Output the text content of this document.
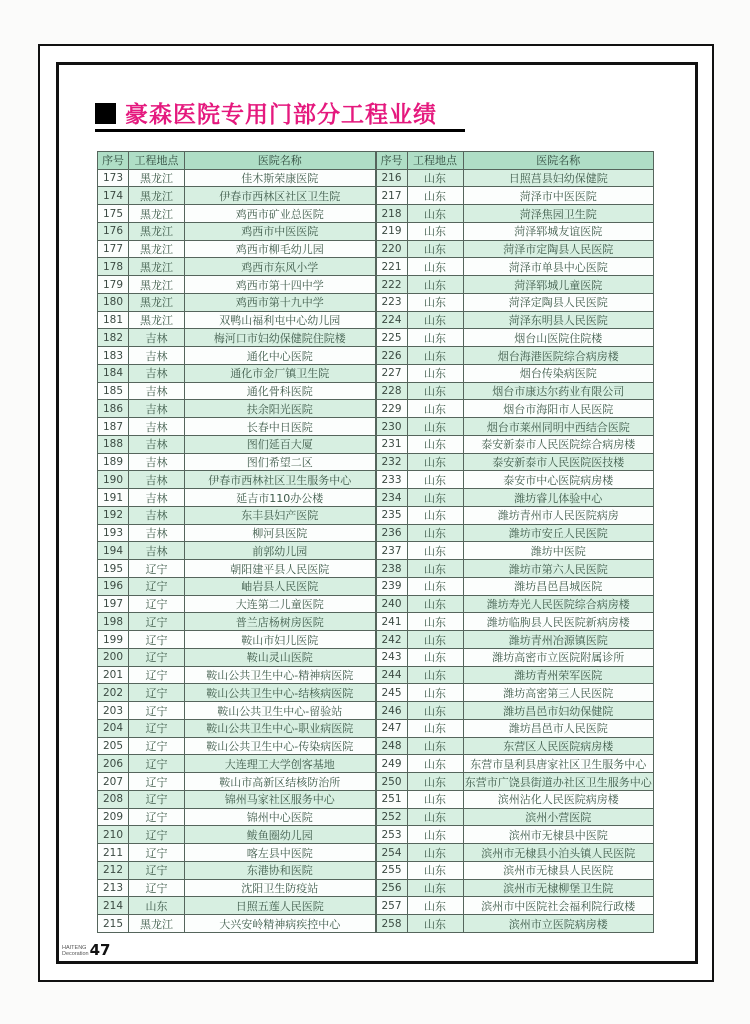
豪森医院专用门部分工程业绩
序号	工程地点	医院名称
173	黑龙江	佳木斯荣康医院
174	黑龙江	伊春市西林区社区卫生院
175	黑龙江	鸡西市矿业总医院
176	黑龙江	鸡西市中医医院
177	黑龙江	鸡西市柳毛幼儿园
178	黑龙江	鸡西市东风小学
179	黑龙江	鸡西市第十四中学
180	黑龙江	鸡西市第十九中学
181	黑龙江	双鸭山福利屯中心幼儿园
182	吉林	梅河口市妇幼保健院住院楼
183	吉林	通化中心医院
184	吉林	通化市金厂镇卫生院
185	吉林	通化骨科医院
186	吉林	扶余阳光医院
187	吉林	长春中日医院
188	吉林	图们延百大厦
189	吉林	图们希望二区
190	吉林	伊春市西林社区卫生服务中心
191	吉林	延吉市110办公楼
192	吉林	东丰县妇产医院
193	吉林	柳河县医院
194	吉林	前郭幼儿园
195	辽宁	朝阳建平县人民医院
196	辽宁	岫岩县人民医院
197	辽宁	大连第二儿童医院
198	辽宁	普兰店杨树房医院
199	辽宁	鞍山市妇儿医院
200	辽宁	鞍山灵山医院
201	辽宁	鞍山公共卫生中心-精神病医院
202	辽宁	鞍山公共卫生中心-结核病医院
203	辽宁	鞍山公共卫生中心-留验站
204	辽宁	鞍山公共卫生中心-职业病医院
205	辽宁	鞍山公共卫生中心-传染病医院
206	辽宁	大连理工大学创客基地
207	辽宁	鞍山市高新区结核防治所
208	辽宁	锦州马家社区服务中心
209	辽宁	锦州中心医院
210	辽宁	鲅鱼圈幼儿园
211	辽宁	喀左县中医院
212	辽宁	东港协和医院
213	辽宁	沈阳卫生防疫站
214	山东	日照五莲人民医院
215	黑龙江	大兴安岭精神病疾控中心
序号	工程地点	医院名称
216	山东	日照莒县妇幼保健院
217	山东	菏泽市中医医院
218	山东	菏泽焦园卫生院
219	山东	菏泽郓城友谊医院
220	山东	菏泽市定陶县人民医院
221	山东	菏泽市单县中心医院
222	山东	菏泽郓城儿童医院
223	山东	菏泽定陶县人民医院
224	山东	菏泽东明县人民医院
225	山东	烟台山医院住院楼
226	山东	烟台海港医院综合病房楼
227	山东	烟台传染病医院
228	山东	烟台市康达尔药业有限公司
229	山东	烟台市海阳市人民医院
230	山东	烟台市莱州同明中西结合医院
231	山东	泰安新泰市人民医院综合病房楼
232	山东	泰安新泰市人民医院医技楼
233	山东	泰安市中心医院病房楼
234	山东	潍坊睿儿体验中心
235	山东	潍坊青州市人民医院病房
236	山东	潍坊市安丘人民医院
237	山东	潍坊中医院
238	山东	潍坊市第六人民医院
239	山东	潍坊昌邑昌城医院
240	山东	潍坊寿光人民医院综合病房楼
241	山东	潍坊临朐县人民医院新病房楼
242	山东	潍坊青州冶源镇医院
243	山东	潍坊高密市立医院附属诊所
244	山东	潍坊青州荣军医院
245	山东	潍坊高密第三人民医院
246	山东	潍坊昌邑市妇幼保健院
247	山东	潍坊昌邑市人民医院
248	山东	东营区人民医院病房楼
249	山东	东营市垦利县唐家社区卫生服务中心
250	山东	东营市广饶县街道办社区卫生服务中心
251	山东	滨州沾化人民医院病房楼
252	山东	滨州小营医院
253	山东	滨州市无棣县中医院
254	山东	滨州市无棣县小泊头镇人民医院
255	山东	滨州市无棣县人民医院
256	山东	滨州市无棣柳堡卫生院
257	山东	滨州市中医院社会福利院行政楼
258	山东	滨州市立医院病房楼
HAITENG
Decoration 47
